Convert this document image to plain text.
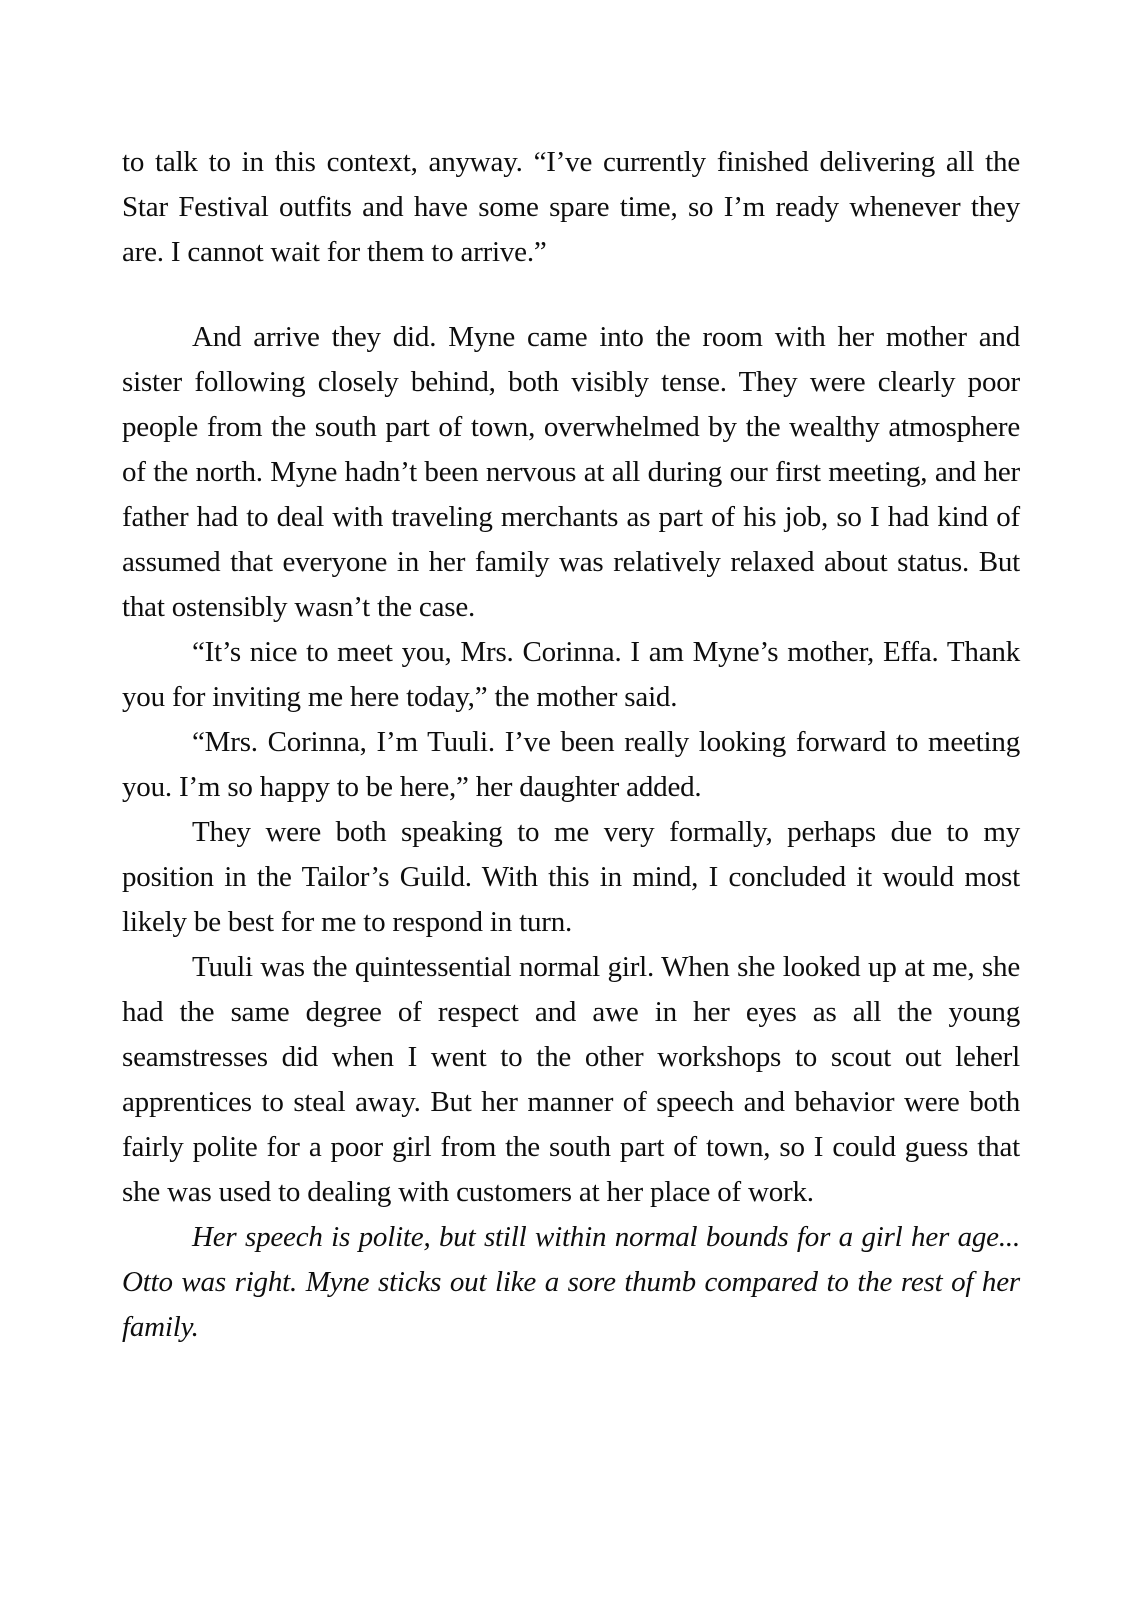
to talk to in this context, anyway. “I’ve currently finished delivering all the Star Festival outfits and have some spare time, so I’m ready whenever they are. I cannot wait for them to arrive.”

And arrive they did. Myne came into the room with her mother and sister following closely behind, both visibly tense. They were clearly poor people from the south part of town, overwhelmed by the wealthy atmosphere of the north. Myne hadn’t been nervous at all during our first meeting, and her father had to deal with traveling merchants as part of his job, so I had kind of assumed that everyone in her family was relatively relaxed about status. But that ostensibly wasn’t the case.

“It’s nice to meet you, Mrs. Corinna. I am Myne’s mother, Effa. Thank you for inviting me here today,” the mother said.

“Mrs. Corinna, I’m Tuuli. I’ve been really looking forward to meeting you. I’m so happy to be here,” her daughter added.

They were both speaking to me very formally, perhaps due to my position in the Tailor’s Guild. With this in mind, I concluded it would most likely be best for me to respond in turn.

Tuuli was the quintessential normal girl. When she looked up at me, she had the same degree of respect and awe in her eyes as all the young seamstresses did when I went to the other workshops to scout out leherl apprentices to steal away. But her manner of speech and behavior were both fairly polite for a poor girl from the south part of town, so I could guess that she was used to dealing with customers at her place of work.

Her speech is polite, but still within normal bounds for a girl her age... Otto was right. Myne sticks out like a sore thumb compared to the rest of her family.
